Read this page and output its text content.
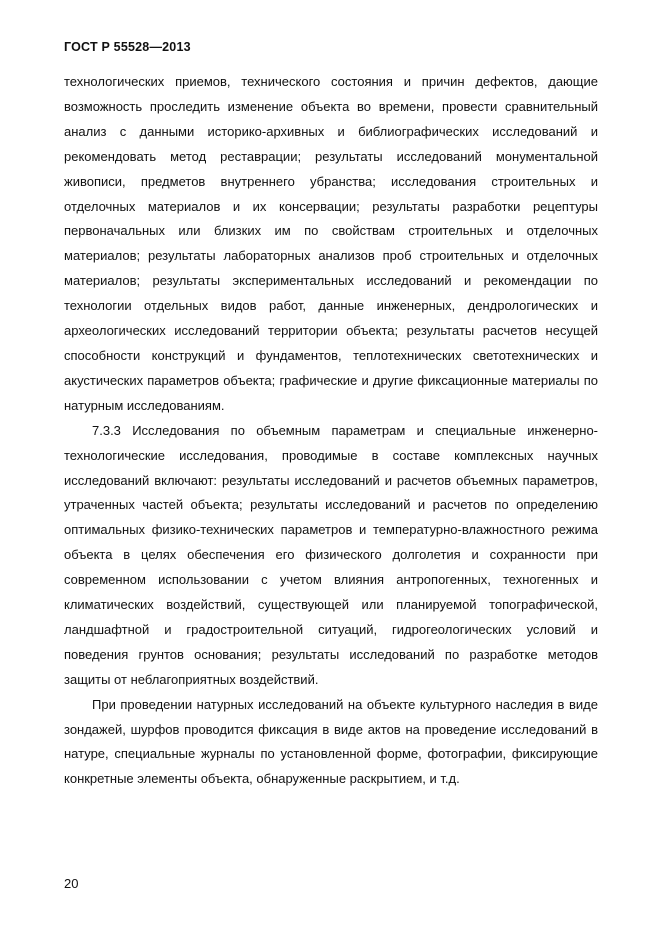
ГОСТ Р 55528—2013

технологических приемов, технического состояния и причин дефектов, дающие возможность проследить изменение объекта во времени, провести сравнительный анализ с данными историко-архивных и библиографических исследований и рекомендовать метод реставрации; результаты исследований монументальной живописи, предметов внутреннего убранства; исследования строительных и отделочных материалов и их консервации; результаты разработки рецептуры первоначальных или близких им по свойствам строительных и отделочных материалов; результаты лабораторных анализов проб строительных и отделочных материалов; результаты экспериментальных исследований и рекомендации по технологии отдельных видов работ, данные инженерных, дендрологических и археологических исследований территории объекта; результаты расчетов несущей способности конструкций и фундаментов, теплотехнических светотехнических и акустических параметров объекта; графические и другие фиксационные материалы по натурным исследованиям.

7.3.3 Исследования по объемным параметрам и специальные инженерно-технологические исследования, проводимые в составе комплексных научных исследований включают: результаты исследований и расчетов объемных параметров, утраченных частей объекта; результаты исследований и расчетов по определению оптимальных физико-технических параметров и температурно-влажностного режима объекта в целях обеспечения его физического долголетия и сохранности при современном использовании с учетом влияния антропогенных, техногенных и климатических воздействий, существующей или планируемой топографической, ландшафтной и градостроительной ситуаций, гидрогеологических условий и поведения грунтов основания; результаты исследований по разработке методов защиты от неблагоприятных воздействий.

При проведении натурных исследований на объекте культурного наследия в виде зондажей, шурфов проводится фиксация в виде актов на проведение исследований в натуре, специальные журналы по установленной форме, фотографии, фиксирующие конкретные элементы объекта, обнаруженные раскрытием, и т.д.

20
